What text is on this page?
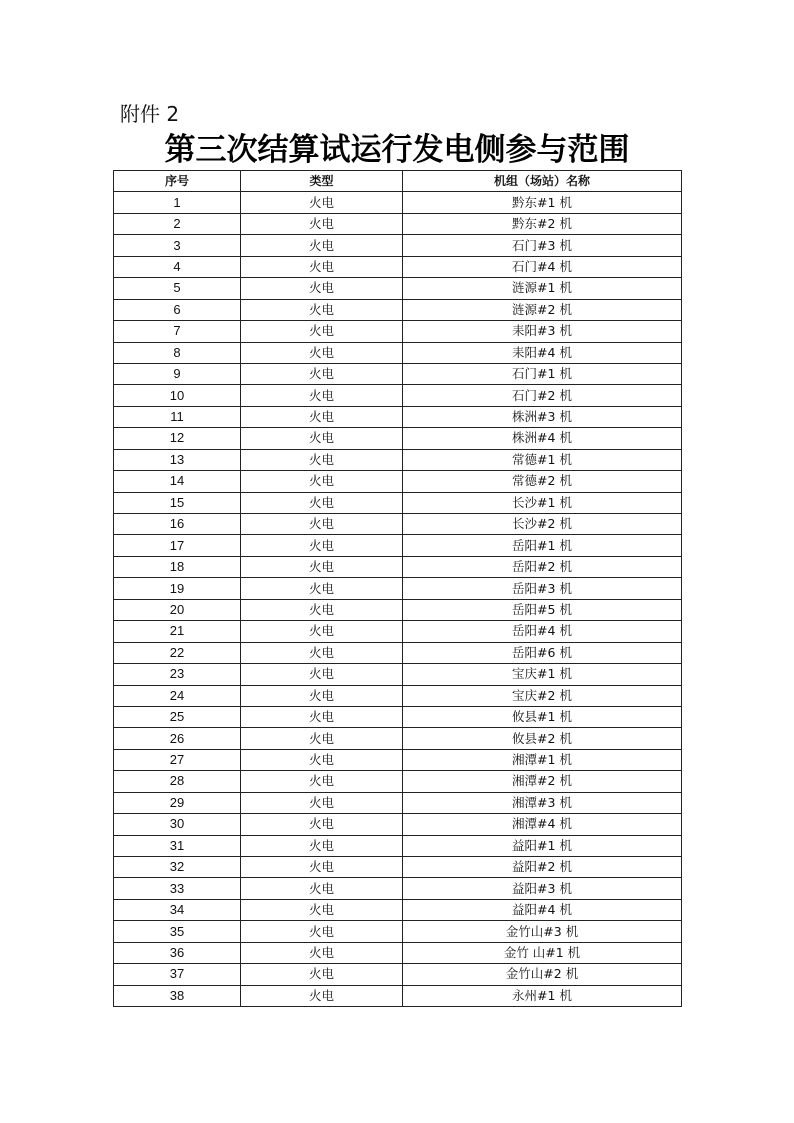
附件 2
第三次结算试运行发电侧参与范围
序号	类型	机组（场站）名称
1	火电	黔东#1 机
2	火电	黔东#2 机
3	火电	石门#3 机
4	火电	石门#4 机
5	火电	涟源#1 机
6	火电	涟源#2 机
7	火电	耒阳#3 机
8	火电	耒阳#4 机
9	火电	石门#1 机
10	火电	石门#2 机
11	火电	株洲#3 机
12	火电	株洲#4 机
13	火电	常德#1 机
14	火电	常德#2 机
15	火电	长沙#1 机
16	火电	长沙#2 机
17	火电	岳阳#1 机
18	火电	岳阳#2 机
19	火电	岳阳#3 机
20	火电	岳阳#5 机
21	火电	岳阳#4 机
22	火电	岳阳#6 机
23	火电	宝庆#1 机
24	火电	宝庆#2 机
25	火电	攸县#1 机
26	火电	攸县#2 机
27	火电	湘潭#1 机
28	火电	湘潭#2 机
29	火电	湘潭#3 机
30	火电	湘潭#4 机
31	火电	益阳#1 机
32	火电	益阳#2 机
33	火电	益阳#3 机
34	火电	益阳#4 机
35	火电	金竹山#3 机
36	火电	金竹 山#1 机
37	火电	金竹山#2 机
38	火电	永州#1 机
